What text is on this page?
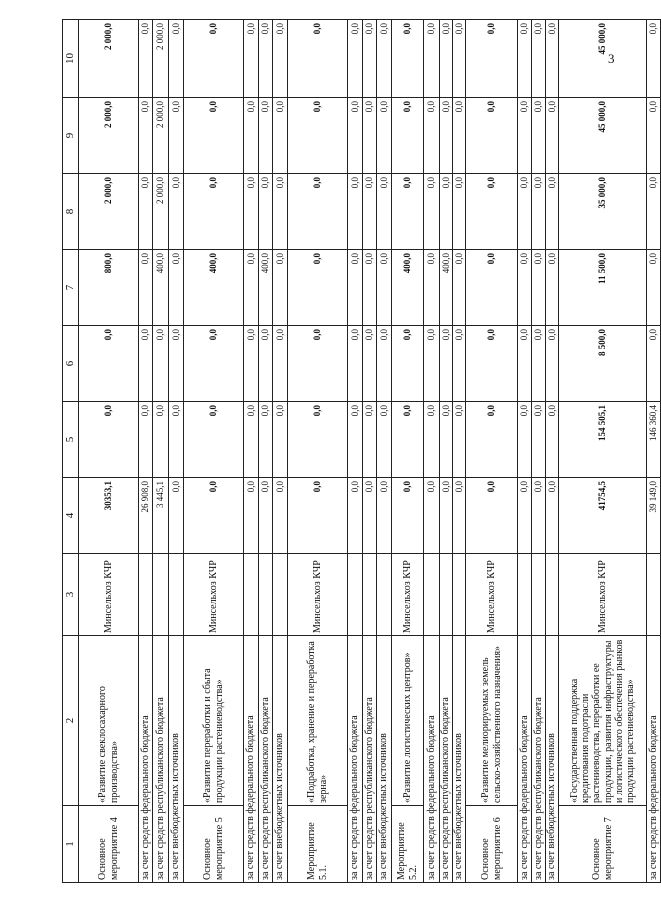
3
1	2	3	4	5	6	7	8	9	10
Основное мероприятие 4	«Развитие свеклосахарного производства»	Минсельхоз КЧР	30353,1	0,0	0,0	800,0	2 000,0	2 000,0	2 000,0
за счет средств федерального бюджета			26 908,0	0,0	0,0	0,0	0,0	0,0	0,0
за счет средств республиканского бюджета			3 445,1	0,0	0,0	400,0	2 000,0	2 000,0	2 000,0
за счет внебюджетных источников			0,0	0,0	0,0	0,0	0,0	0,0	0,0
Основное мероприятие 5	«Развитие переработки и сбыта продукции растениеводства»	Минсельхоз КЧР	0,0	0,0	0,0	400,0	0,0	0,0	0,0
за счет средств федерального бюджета			0,0	0,0	0,0	0,0	0,0	0,0	0,0
за счет средств республиканского бюджета			0,0	0,0	0,0	400,0	0,0	0,0	0,0
за счет внебюджетных источников			0,0	0,0	0,0	0,0	0,0	0,0	0,0
Мероприятие 5.1.	«Подработка, хранение и переработка зерна»	Минсельхоз КЧР	0,0	0,0	0,0	0,0	0,0	0,0	0,0
за счет средств федерального бюджета			0,0	0,0	0,0	0,0	0,0	0,0	0,0
за счет средств республиканского бюджета			0,0	0,0	0,0	0,0	0,0	0,0	0,0
за счет внебюджетных источников			0,0	0,0	0,0	0,0	0,0	0,0	0,0
Мероприятие 5.2.	«Развитие логистических центров»	Минсельхоз КЧР	0,0	0,0	0,0	400,0	0,0	0,0	0,0
за счет средств федерального бюджета			0,0	0,0	0,0	0,0	0,0	0,0	0,0
за счет средств республиканского бюджета			0,0	0,0	0,0	400,0	0,0	0,0	0,0
за счет внебюджетных источников			0,0	0,0	0,0	0,0	0,0	0,0	0,0
Основное мероприятие 6	«Развитие мелиорируемых земель сельско-хозяйственного назначения»	Минсельхоз КЧР	0,0	0,0	0,0	0,0	0,0	0,0	0,0
за счет средств федерального бюджета			0,0	0,0	0,0	0,0	0,0	0,0	0,0
за счет средств республиканского бюджета			0,0	0,0	0,0	0,0	0,0	0,0	0,0
за счет внебюджетных источников			0,0	0,0	0,0	0,0	0,0	0,0	0,0
Основное мероприятие 7	«Государственная поддержка кредитования подотрасли растениеводства, переработки ее продукции, развития инфраструктуры и логистического обеспечения рынков продукции растениеводства»	Минсельхоз КЧР	41754,5	154 505,1	8 500,0	11 500,0	35 000,0	45 000,0	45 000,0
за счет средств федерального бюджета			39 149,0	146 360,4	0,0	0,0	0,0	0,0	0,0
